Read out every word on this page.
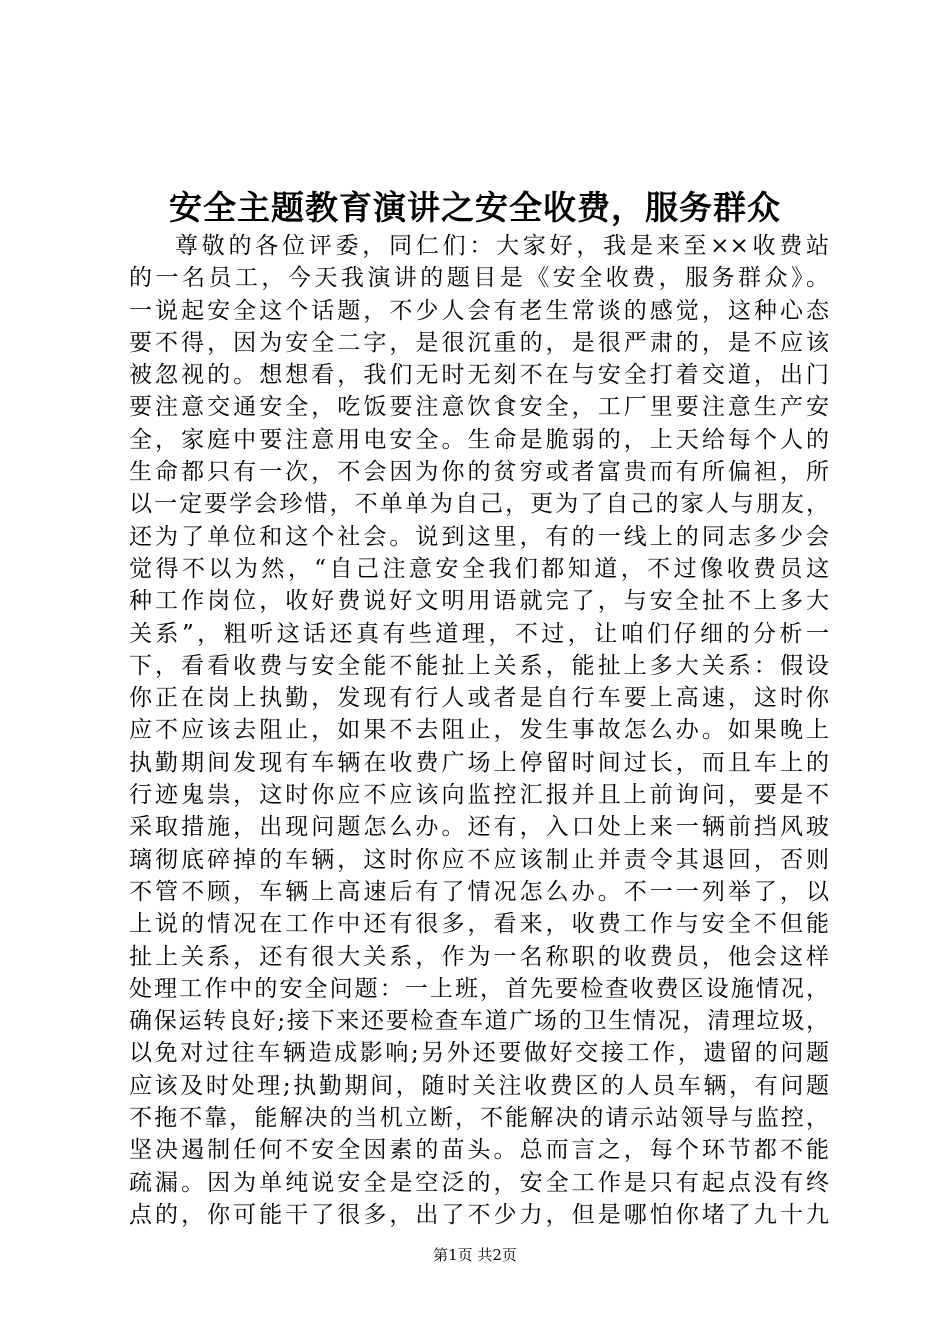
安全主题教育演讲之安全收费，服务群众
尊敬的各位评委，同仁们：大家好，我是来至××收费站
的一名员工，今天我演讲的题目是《安全收费，服务群众》。
一说起安全这个话题，不少人会有老生常谈的感觉，这种心态
要不得，因为安全二字，是很沉重的，是很严肃的，是不应该
被忽视的。想想看，我们无时无刻不在与安全打着交道，出门
要注意交通安全，吃饭要注意饮食安全，工厂里要注意生产安
全，家庭中要注意用电安全。生命是脆弱的，上天给每个人的
生命都只有一次，不会因为你的贫穷或者富贵而有所偏袒，所
以一定要学会珍惜，不单单为自己，更为了自己的家人与朋友，
还为了单位和这个社会。说到这里，有的一线上的同志多少会
觉得不以为然，“自己注意安全我们都知道，不过像收费员这
种工作岗位，收好费说好文明用语就完了，与安全扯不上多大
关系”，粗听这话还真有些道理，不过，让咱们仔细的分析一
下，看看收费与安全能不能扯上关系，能扯上多大关系：假设
你正在岗上执勤，发现有行人或者是自行车要上高速，这时你
应不应该去阻止，如果不去阻止，发生事故怎么办。如果晚上
执勤期间发现有车辆在收费广场上停留时间过长，而且车上的
行迹鬼祟，这时你应不应该向监控汇报并且上前询问，要是不
采取措施，出现问题怎么办。还有，入口处上来一辆前挡风玻
璃彻底碎掉的车辆，这时你应不应该制止并责令其退回，否则
不管不顾，车辆上高速后有了情况怎么办。不一一列举了，以
上说的情况在工作中还有很多，看来，收费工作与安全不但能
扯上关系，还有很大关系，作为一名称职的收费员，他会这样
处理工作中的安全问题：一上班，首先要检查收费区设施情况，
确保运转良好;接下来还要检查车道广场的卫生情况，清理垃圾，
以免对过往车辆造成影响;另外还要做好交接工作，遗留的问题
应该及时处理;执勤期间，随时关注收费区的人员车辆，有问题
不拖不靠，能解决的当机立断，不能解决的请示站领导与监控，
坚决遏制任何不安全因素的苗头。总而言之，每个环节都不能
疏漏。因为单纯说安全是空泛的，安全工作是只有起点没有终
点的，你可能干了很多，出了不少力，但是哪怕你堵了九十九
第1页 共2页
